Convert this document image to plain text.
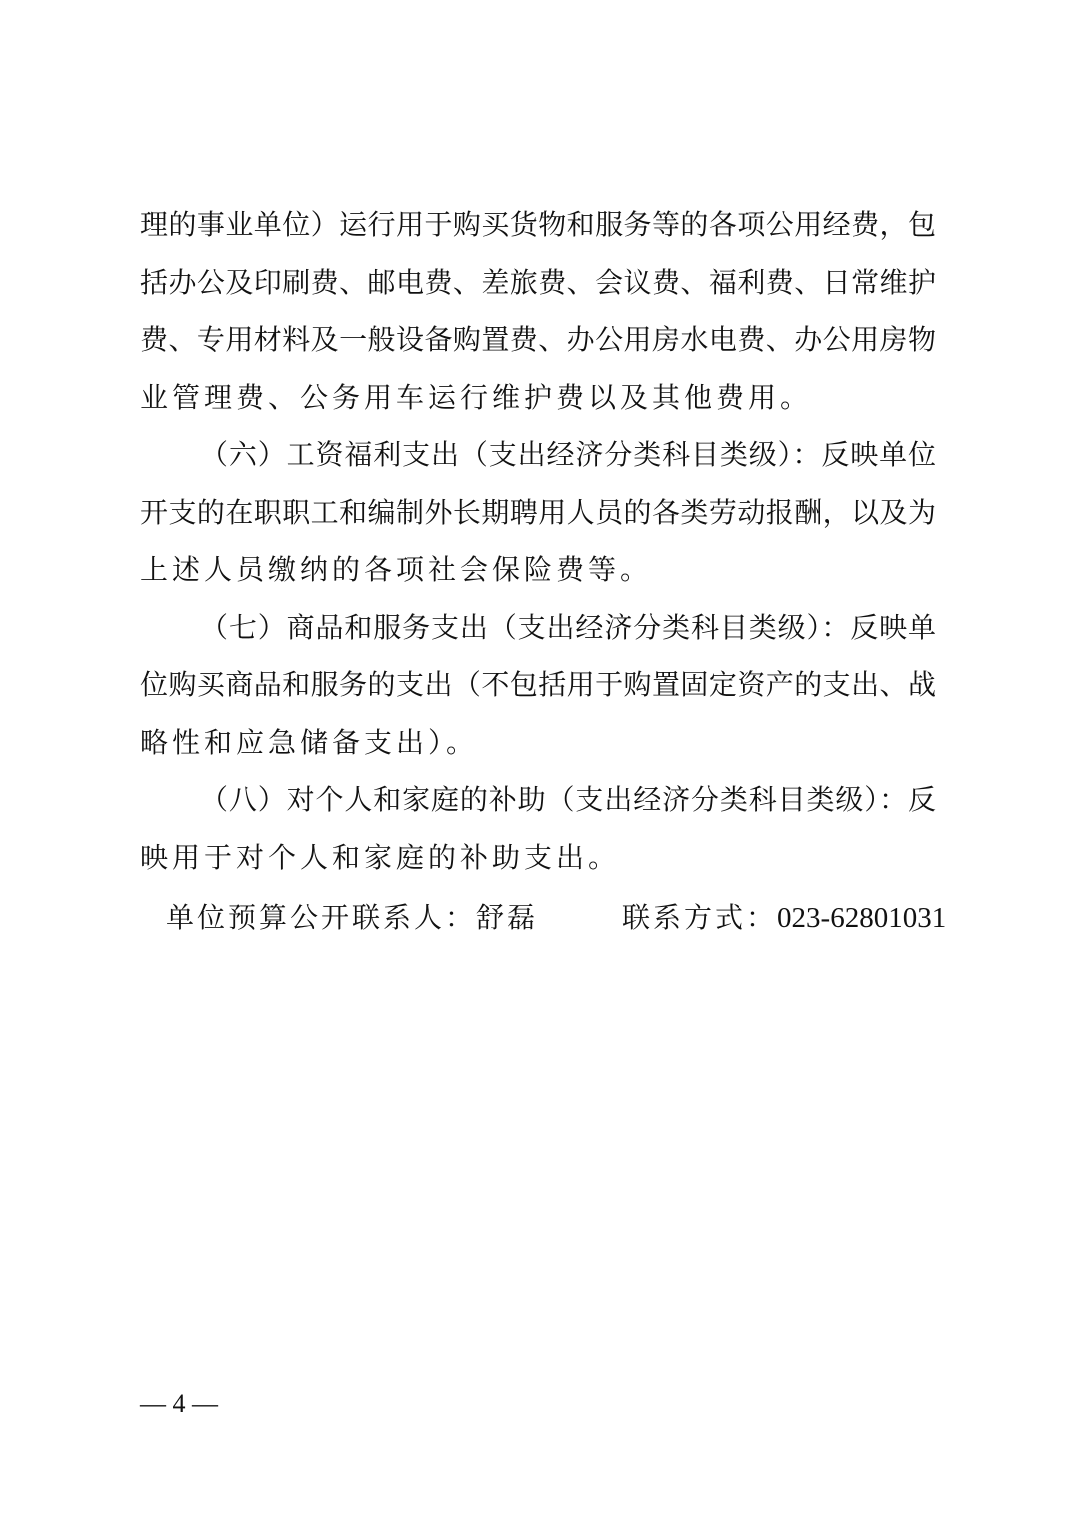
理的事业单位）运行用于购买货物和服务等的各项公用经费，包
括办公及印刷费、邮电费、差旅费、会议费、福利费、日常维护
费、专用材料及一般设备购置费、办公用房水电费、办公用房物
业管理费、公务用车运行维护费以及其他费用。
（六）工资福利支出（支出经济分类科目类级）：反映单位
开支的在职职工和编制外长期聘用人员的各类劳动报酬，以及为
上述人员缴纳的各项社会保险费等。
（七）商品和服务支出（支出经济分类科目类级）：反映单
位购买商品和服务的支出（不包括用于购置固定资产的支出、战
略性和应急储备支出）。
（八）对个人和家庭的补助（支出经济分类科目类级）：反
映用于对个人和家庭的补助支出。
单位预算公开联系人：舒磊	联系方式：023-62801031
— 4 —
